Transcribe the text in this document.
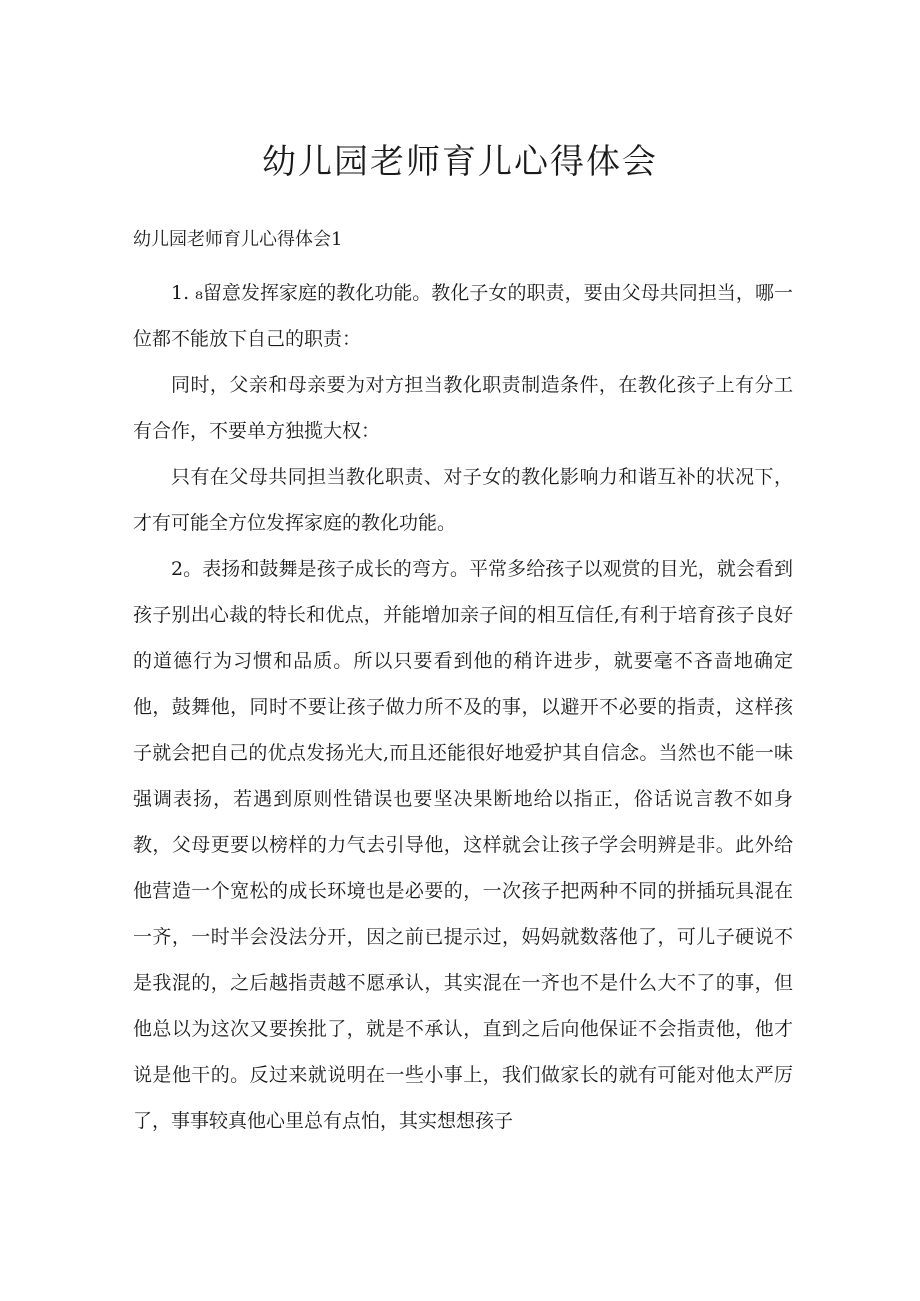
幼儿园老师育儿心得体会

幼儿园老师育儿心得体会1

1. ₈留意发挥家庭的教化功能。教化子女的职责，要由父母共同担当，哪一位都不能放下自己的职责：

同时，父亲和母亲要为对方担当教化职责制造条件，在教化孩子上有分工有合作，不要单方独揽大权：

只有在父母共同担当教化职责、对子女的教化影响力和谐互补的状况下，才有可能全方位发挥家庭的教化功能。

2。表扬和鼓舞是孩子成长的弯方。平常多给孩子以观赏的目光，就会看到孩子别出心裁的特长和优点，并能增加亲子间的相互信任,有利于培育孩子良好的道德行为习惯和品质。所以只要看到他的稍许进步，就要毫不吝啬地确定他，鼓舞他，同时不要让孩子做力所不及的事，以避开不必要的指责，这样孩子就会把自己的优点发扬光大,而且还能很好地爱护其自信念。当然也不能一味强调表扬，若遇到原则性错误也要坚决果断地给以指正，俗话说言教不如身教，父母更要以榜样的力气去引导他，这样就会让孩子学会明辨是非。此外给他营造一个宽松的成长环境也是必要的，一次孩子把两种不同的拼插玩具混在一齐，一时半会没法分开，因之前已提示过，妈妈就数落他了，可儿子硬说不是我混的，之后越指责越不愿承认，其实混在一齐也不是什么大不了的事，但他总以为这次又要挨批了，就是不承认，直到之后向他保证不会指责他，他才说是他干的。反过来就说明在一些小事上，我们做家长的就有可能对他太严厉了，事事较真他心里总有点怕，其实想想孩子
